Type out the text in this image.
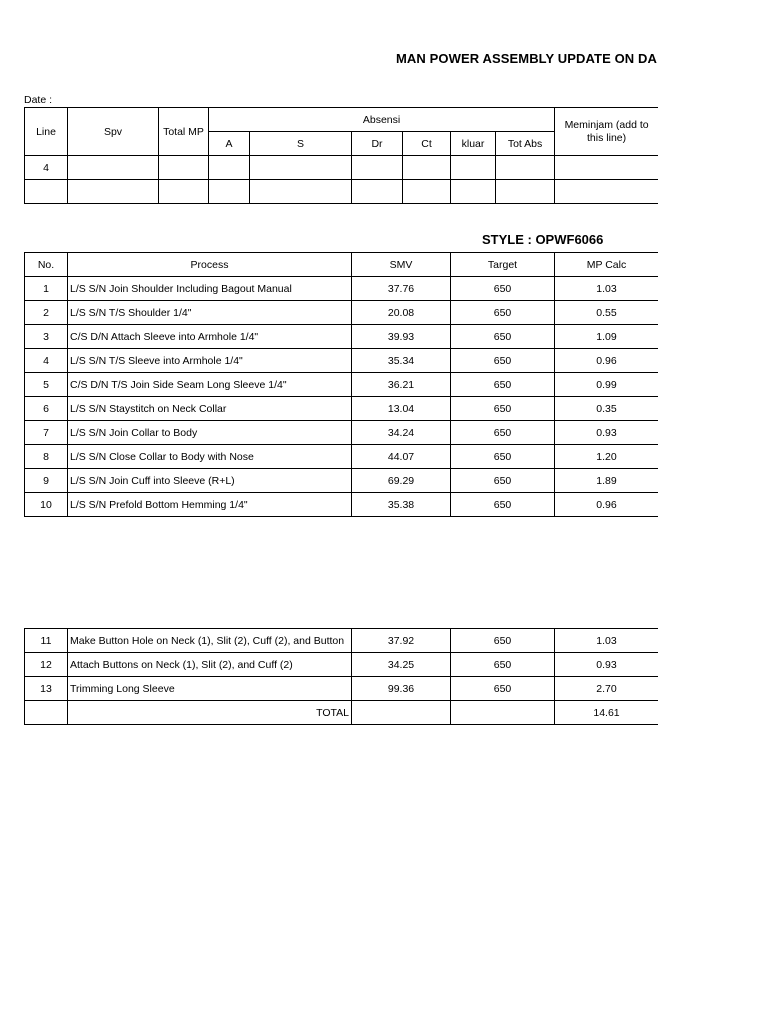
MAN POWER ASSEMBLY UPDATE ON DA
Date :
Line	Spv	Total MP	Absensi						Meminjam (add to this line)
			A	S	Dr	Ct	kluar	Tot Abs	
4									

STYLE : OPWF6066
No.	Process	SMV	Target	MP Calc
1	L/S S/N Join Shoulder Including Bagout Manual	37.76	650	1.03
2	L/S S/N T/S Shoulder 1/4"	20.08	650	0.55
3	C/S D/N Attach Sleeve into Armhole 1/4"	39.93	650	1.09
4	L/S S/N T/S Sleeve into Armhole 1/4"	35.34	650	0.96
5	C/S D/N T/S Join Side Seam Long Sleeve 1/4"	36.21	650	0.99
6	L/S S/N Staystitch on Neck Collar	13.04	650	0.35
7	L/S S/N Join Collar to Body	34.24	650	0.93
8	L/S S/N Close Collar to Body with Nose	44.07	650	1.20
9	L/S S/N Join Cuff into Sleeve (R+L)	69.29	650	1.89
10	L/S S/N Prefold Bottom Hemming 1/4"	35.38	650	0.96
11	Make Button Hole on Neck (1), Slit (2), Cuff (2), and Button	37.92	650	1.03
12	Attach Buttons on Neck (1), Slit (2), and Cuff (2)	34.25	650	0.93
13	Trimming Long Sleeve	99.36	650	2.70
	TOTAL			14.61
